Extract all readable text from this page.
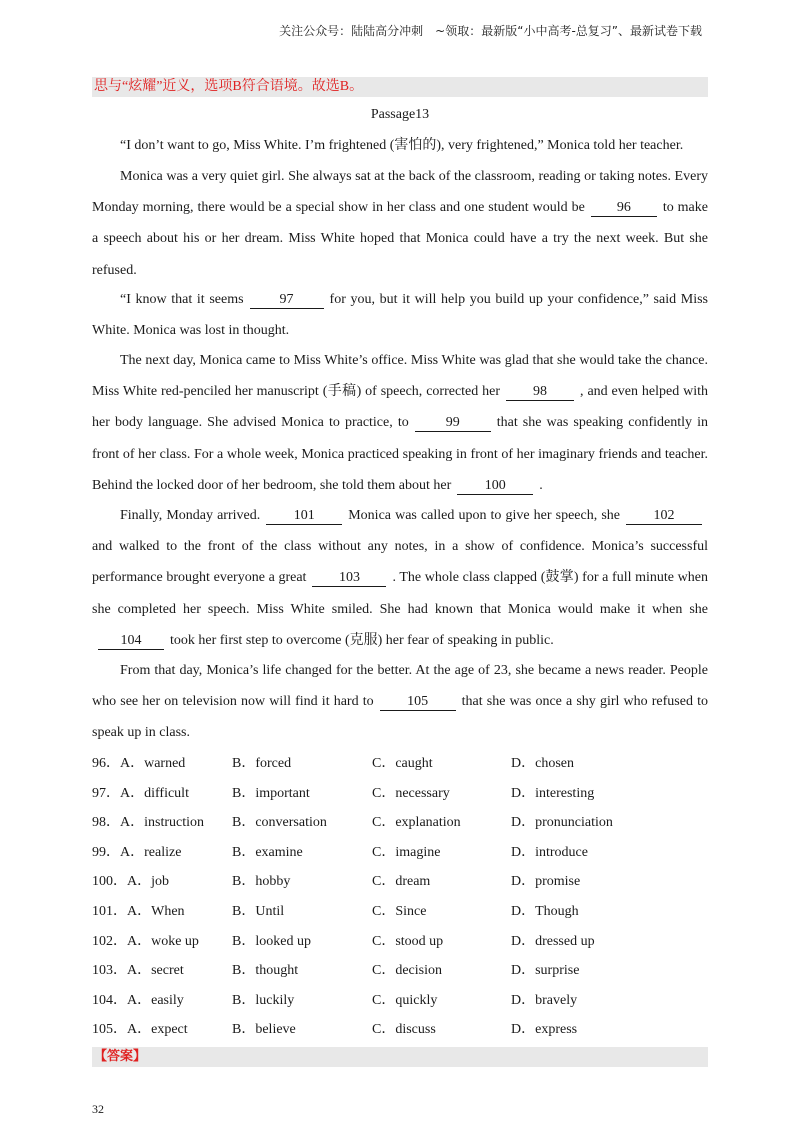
关注公众号：陆陆高分冲刺　~领取：最新版“小中高考-总复习”、最新试卷下载
思与“炫耀”近义，选项B符合语境。故选B。
Passage13

“I don’t want to go, Miss White. I’m frightened (害怕的), very frightened,” Monica told her teacher.

Monica was a very quiet girl. She always sat at the back of the classroom, reading or taking notes. Every Monday morning, there would be a special show in her class and one student would be 96 to make a speech about his or her dream. Miss White hoped that Monica could have a try the next week. But she refused.

“I know that it seems	97	for you, but it will help you build up your confidence,” said Miss White. Monica was lost in thought.

The next day, Monica came to Miss White’s office. Miss White was glad that she would take the chance. Miss White red-penciled her manuscript (手稿) of speech, corrected her 98 , and even helped with her body language. She advised Monica to practice, to	99	that she was speaking confidently in front of her class. For a whole week, Monica practiced speaking in front of her imaginary friends and teacher. Behind the locked door of her bedroom, she told them about her 100 .

Finally, Monday arrived. 101 Monica was called upon to give her speech, she 102and walked to the front of the class without any notes, in a show of confidence. Monica’s successful performance brought everyone a great 103 . The whole class clapped (鼓掌) for a full minute when she completed her speech. Miss White smiled. She had known that Monica would make it when she104 took her first step to overcome (克服) her fear of speaking in public.

From that day, Monica’s life changed for the better. At the age of 23, she became a news reader. People who see her on television now will find it hard to 105 that she was once a shy girl who refused to speak up in class.

96．A．warned	B．forced	C．caught	D．chosen
97．A．difficult	B．important	C．necessary	D．interesting
98．A．instruction B．conversation	C．explanation	D．pronunciation
99．A．realize	B．examine	C．imagine	D．introduce
100．A．job	B．hobby	C．dream	D．promise
101．A．When	B．Until	C．Since	D．Though
102．A．woke up B．looked up	C．stood up	D．dressed up
103．A．secret	B．thought	C．decision	D．surprise
104．A．easily	B．luckily	C．quickly	D．bravely
105．A．expect	B．believe	C．discuss	D．express
【答案】
32
